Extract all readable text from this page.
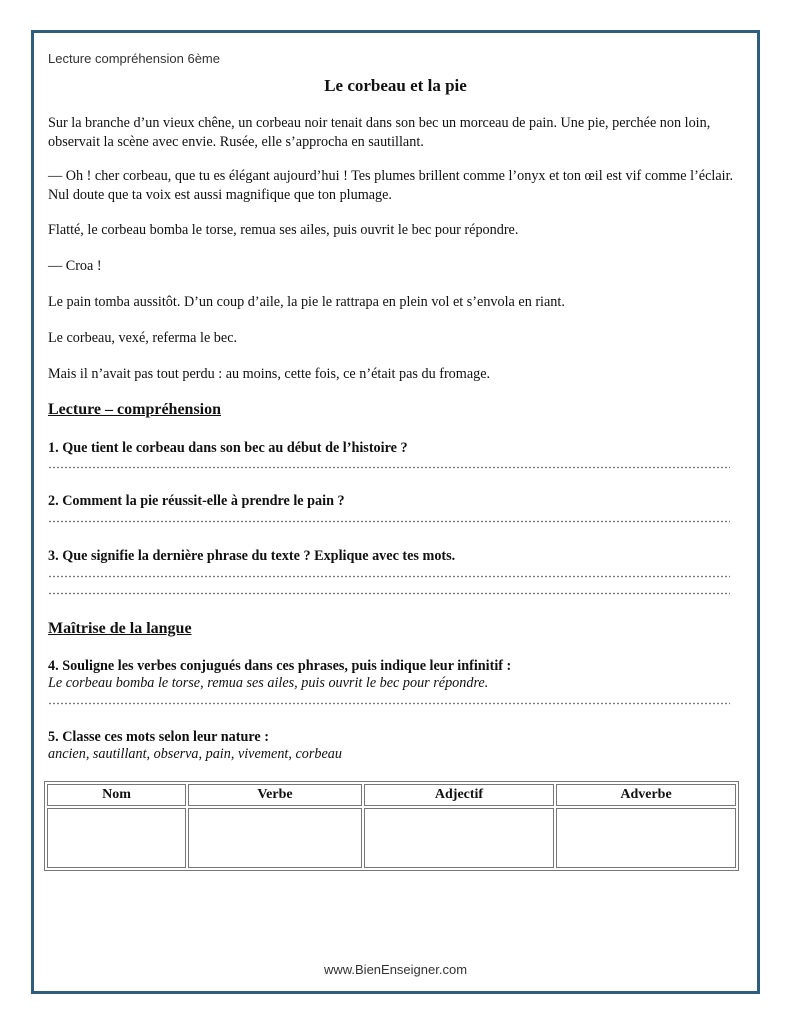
Lecture compréhension 6ème
Le corbeau et la pie
Sur la branche d’un vieux chêne, un corbeau noir tenait dans son bec un morceau de pain. Une pie, perchée non loin, observait la scène avec envie. Rusée, elle s’approcha en sautillant.
— Oh ! cher corbeau, que tu es élégant aujourd’hui ! Tes plumes brillent comme l’onyx et ton œil est vif comme l’éclair. Nul doute que ta voix est aussi magnifique que ton plumage.
Flatté, le corbeau bomba le torse, remua ses ailes, puis ouvrit le bec pour répondre.
— Croa !
Le pain tomba aussitôt. D’un coup d’aile, la pie le rattrapa en plein vol et s’envola en riant.
Le corbeau, vexé, referma le bec.
Mais il n’avait pas tout perdu : au moins, cette fois, ce n’était pas du fromage.
Lecture – compréhension
1. Que tient le corbeau dans son bec au début de l’histoire ?
2. Comment la pie réussit-elle à prendre le pain ?
3. Que signifie la dernière phrase du texte ? Explique avec tes mots.
Maîtrise de la langue
4. Souligne les verbes conjugués dans ces phrases, puis indique leur infinitif :
Le corbeau bomba le torse, remua ses ailes, puis ouvrit le bec pour répondre.
5. Classe ces mots selon leur nature :
ancien, sautillant, observa, pain, vivement, corbeau
Nom	Verbe	Adjectif	Adverbe

www.BienEnseigner.com
